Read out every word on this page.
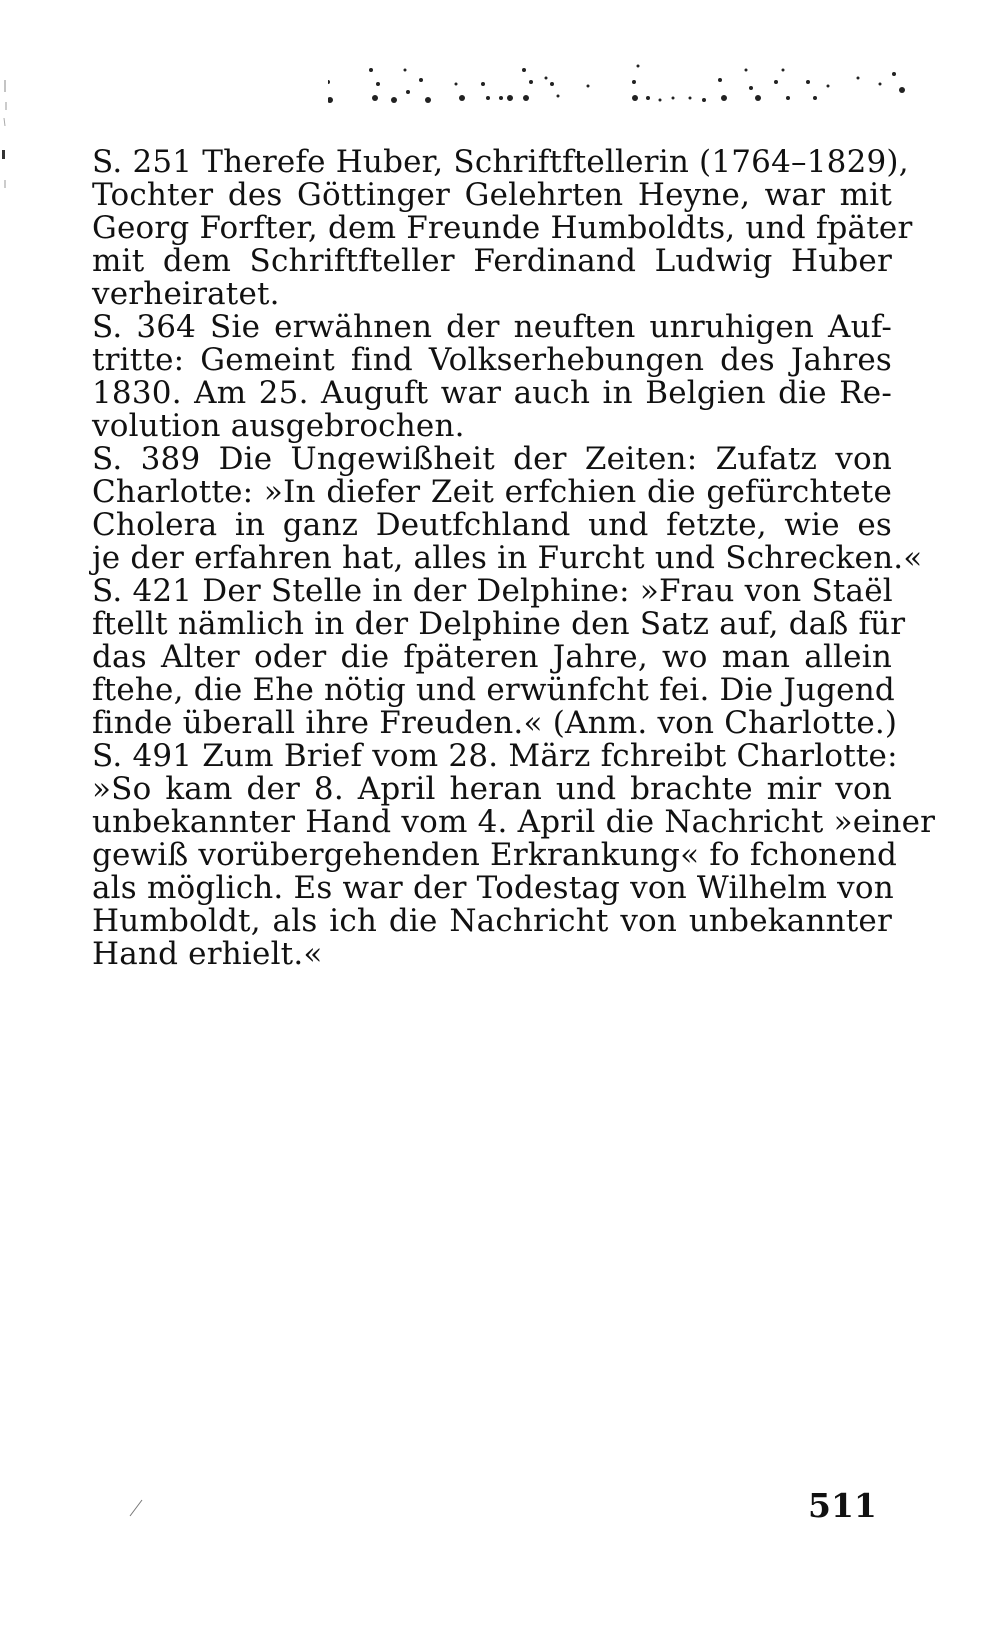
S. 251 Therefe Huber, Schriftftellerin (1764–1829),
Tochter des Göttinger Gelehrten Heyne, war mit
Georg Forfter, dem Freunde Humboldts, und fpäter
mit dem Schriftfteller Ferdinand Ludwig Huber
verheiratet.
S. 364 Sie erwähnen der neuften unruhigen Auf-
tritte: Gemeint find Volkserhebungen des Jahres
1830. Am 25. Auguft war auch in Belgien die Re-
volution ausgebrochen.
S. 389 Die Ungewißheit der Zeiten: Zufatz von
Charlotte: »In diefer Zeit erfchien die gefürchtete
Cholera in ganz Deutfchland und fetzte, wie es
je der erfahren hat, alles in Furcht und Schrecken.«
S. 421 Der Stelle in der Delphine: »Frau von Staël
ftellt nämlich in der Delphine den Satz auf, daß für
das Alter oder die fpäteren Jahre, wo man allein
ftehe, die Ehe nötig und erwünfcht fei. Die Jugend
finde überall ihre Freuden.« (Anm. von Charlotte.)
S. 491 Zum Brief vom 28. März fchreibt Charlotte:
»So kam der 8. April heran und brachte mir von
unbekannter Hand vom 4. April die Nachricht »einer
gewiß vorübergehenden Erkrankung« fo fchonend
als möglich. Es war der Todestag von Wilhelm von
Humboldt, als ich die Nachricht von unbekannter
Hand erhielt.«
511
